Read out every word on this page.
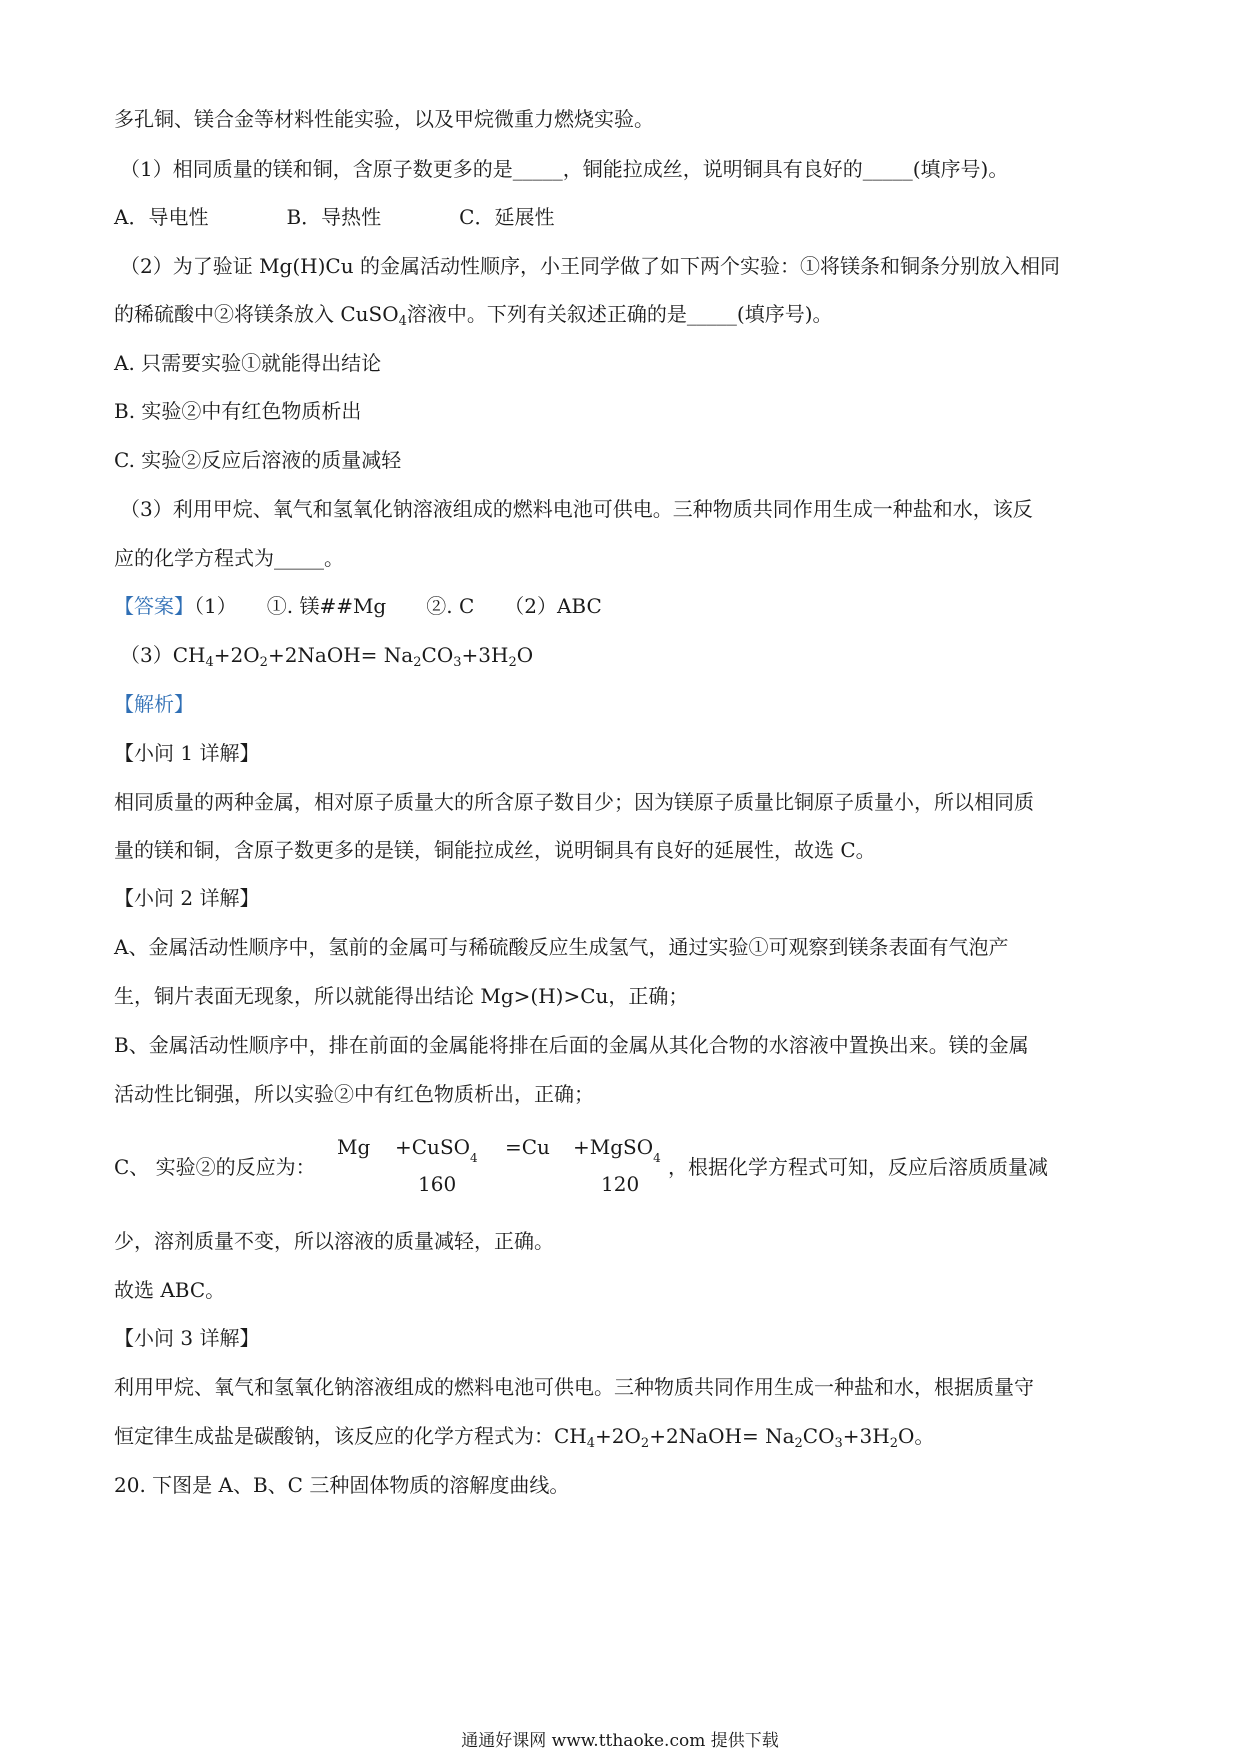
多孔铜、镁合金等材料性能实验，以及甲烷微重力燃烧实验。
（1）相同质量的镁和铜，含原子数更多的是_____，铜能拉成丝，说明铜具有良好的_____(填序号)。
A．导电性	B．导热性	C．延展性
（2）为了验证 Mg(H)Cu 的金属活动性顺序，小王同学做了如下两个实验：①将镁条和铜条分别放入相同
的稀硫酸中②将镁条放入 CuSO$_4$溶液中。下列有关叙述正确的是_____(填序号)。
A. 只需要实验①就能得出结论
B. 实验②中有红色物质析出
C. 实验②反应后溶液的质量减轻
（3）利用甲烷、氧气和氢氧化钠溶液组成的燃料电池可供电。三种物质共同作用生成一种盐和水，该反
应的化学方程式为_____。
【答案】（1）　　①. 镁##Mg　　②. C　　（2）ABC
$(3)CH_4+2O_2+2NaOH= Na_2CO_3+3H_2O$
【解析】
【小问 1 详解】
相同质量的两种金属，相对原子质量大的所含原子数目少；因为镁原子质量比铜原子质量小，所以相同质
量的镁和铜，含原子数更多的是镁，铜能拉成丝，说明铜具有良好的延展性，故选 C。
【小问 2 详解】
A、金属活动性顺序中，氢前的金属可与稀硫酸反应生成氢气，通过实验①可观察到镁条表面有气泡产
生，铜片表面无现象，所以就能得出结论 Mg>(H)>Cu，正确；
B、金属活动性顺序中，排在前面的金属能将排在后面的金属从其化合物的水溶液中置换出来。镁的金属
活动性比铜强，所以实验②中有红色物质析出，正确；
C、 实验②的反应为：
Mg +CuSO$_4$ =Cu +MgSO$_4$
160	120
，根据化学方程式可知，反应后溶质质量减
少，溶剂质量不变，所以溶液的质量减轻，正确。
故选 ABC。
【小问 3 详解】
利用甲烷、氧气和氢氧化钠溶液组成的燃料电池可供电。三种物质共同作用生成一种盐和水，根据质量守
恒定律生成盐是碳酸钠，该反应的化学方程式为：$CH_4+2O_2+2NaOH= Na_2CO_3+3H_2O$。
20. 下图是 A、B、C 三种固体物质的溶解度曲线。
通通好课网 www.tthaoke.com 提供下载
